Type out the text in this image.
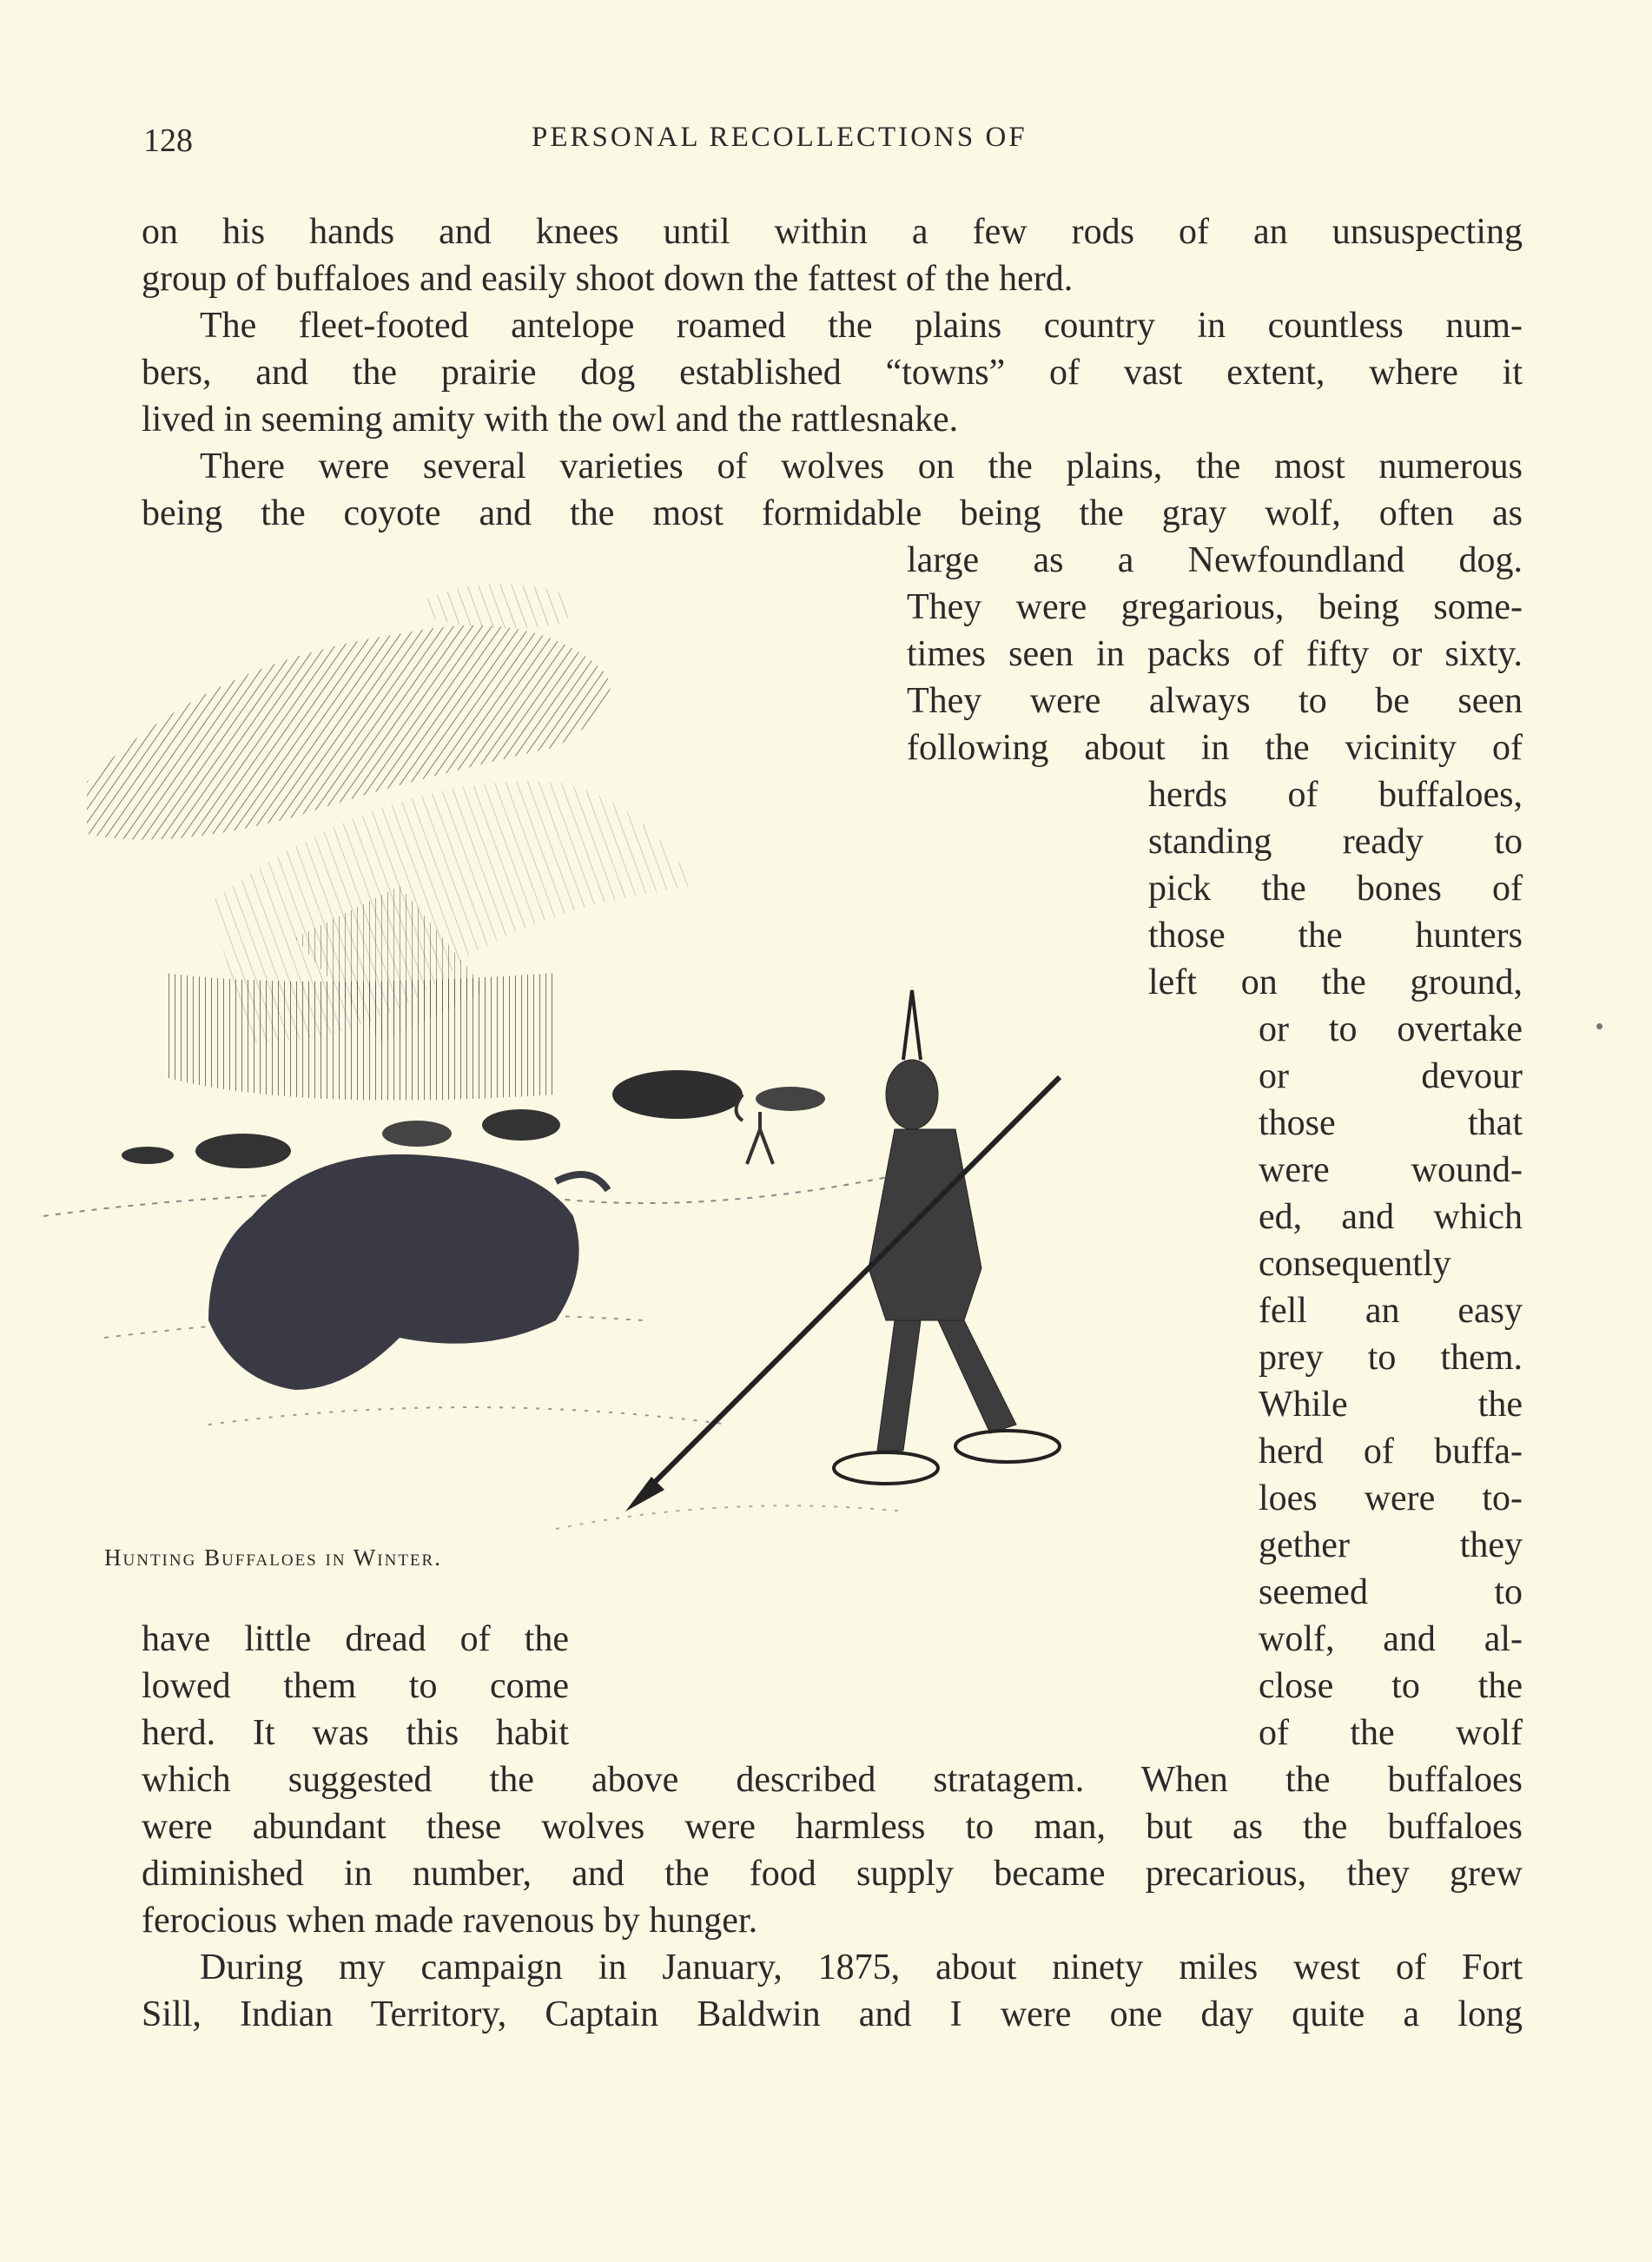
128	PERSONAL RECOLLECTIONS OF
on his hands and knees until within a few rods of an unsuspecting
group of buffaloes and easily shoot down the fattest of the herd.
The fleet-footed antelope roamed the plains country in countless num-
bers, and the prairie dog established “towns” of vast extent, where it
lived in seeming amity with the owl and the rattlesnake.
There were several varieties of wolves on the plains, the most numerous
being the coyote and the most formidable being the gray wolf, often as
large as a Newfoundland dog.
They were gregarious, being some-
times seen in packs of fifty or sixty.
They were always to be seen
following about in the vicinity of
herds of buffaloes,
standing ready to
pick the bones of
those the hunters
left on the ground,
or to overtake
or devour
those that
were wound-
ed, and which
consequently
fell an easy
prey to them.
While the
herd of buffa-
loes were to-
gether they
seemed to
have little dread of the	wolf, and al-
lowed them to come	close to the
herd. It was this habit	of the wolf
which suggested the above described stratagem. When the buffaloes
were abundant these wolves were harmless to man, but as the buffaloes
diminished in number, and the food supply became precarious, they grew
ferocious when made ravenous by hunger.
During my campaign in January, 1875, about ninety miles west of Fort
Sill, Indian Territory, Captain Baldwin and I were one day quite a long
Hunting Buffaloes in Winter.
